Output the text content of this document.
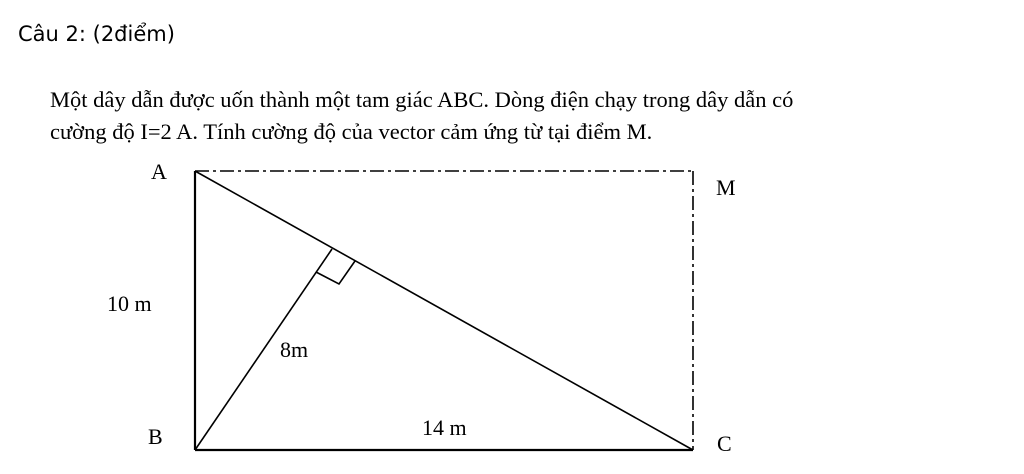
Câu 2: (2điểm)
Một dây dẫn được uốn thành một tam giác ABC. Dòng điện chạy trong dây dẫn có
cường độ I=2 A. Tính cường độ của vector cảm ứng từ tại điểm M.
A
M
B	C
10 m
8m
14 m
